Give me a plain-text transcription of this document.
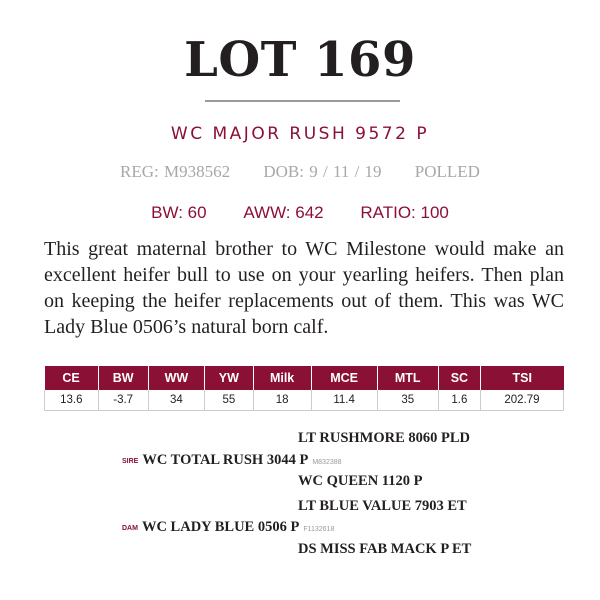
LOT 169
WC MAJOR RUSH 9572 P
REG: M938562 DOB: 9 / 11 / 19 POLLED
BW: 60 AWW: 642 RATIO: 100
This great maternal brother to WC Milestone would make an excellent heifer bull to use on your yearling heifers. Then plan on keeping the heifer replacements out of them. This was WC Lady Blue 0506’s natural born calf.
CE	BW	WW	YW	Milk	MCE	MTL	SC	TSI
13.6	-3.7	34	55	18	11.4	35	1.6	202.79
LT RUSHMORE 8060 PLD
SIRE WC TOTAL RUSH 3044 P M832388
WC QUEEN 1120 P
LT BLUE VALUE 7903 ET
DAM WC LADY BLUE 0506 P F1132618
DS MISS FAB MACK P ET
